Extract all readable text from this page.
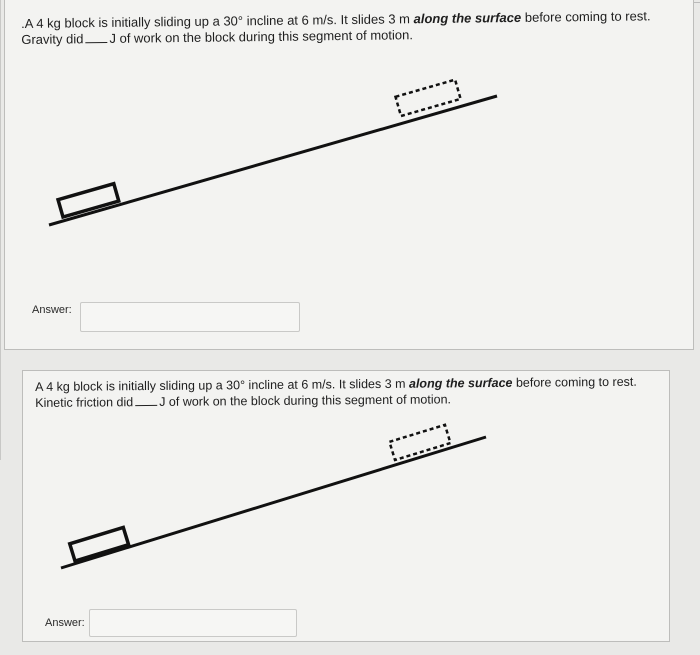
.A 4 kg block is initially sliding up a 30° incline at 6 m/s. It slides 3 m along the surface before coming to rest.
Gravity did J of work on the block during this segment of motion.
Answer:
A 4 kg block is initially sliding up a 30° incline at 6 m/s. It slides 3 m along the surface before coming to rest.
Kinetic friction did J of work on the block during this segment of motion.
Answer:
